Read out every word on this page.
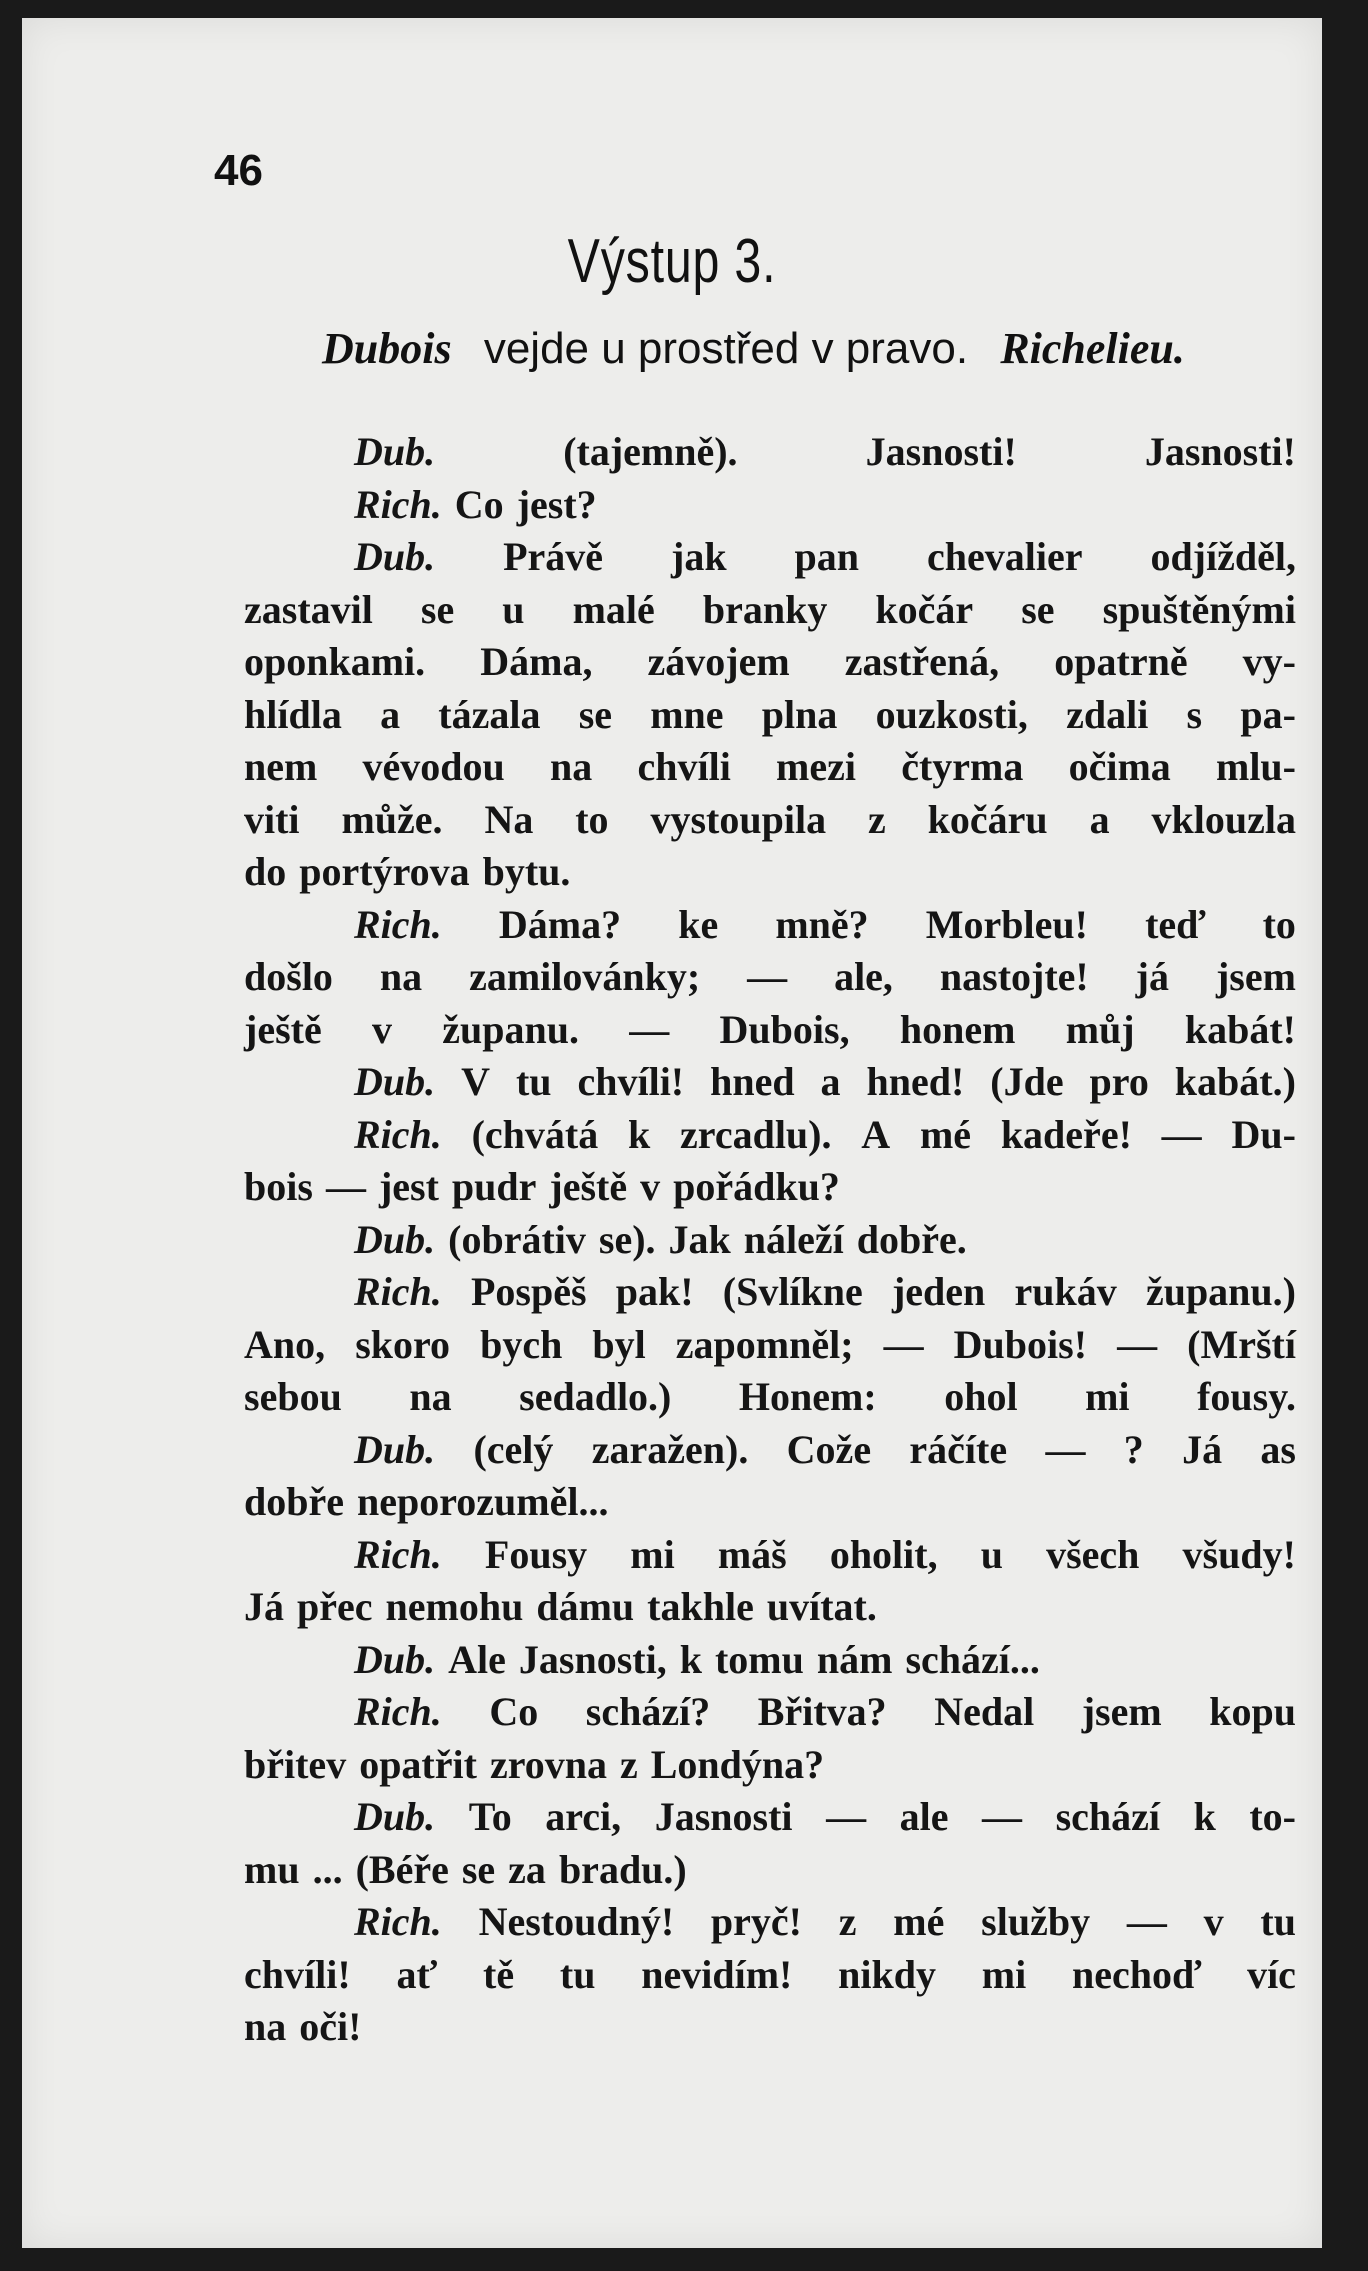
46
Výstup 3.
Dubois vejde u prostřed v pravo. Richelieu.
Dub.	(tajemně).	Jasnosti!	Jasnosti!
Rich. Co jest?
Dub. Právě jak pan chevalier odjížděl,
zastavil se u malé branky kočár se spuštěnými
oponkami. Dáma, závojem zastřená, opatrně vy-
hlídla a tázala se mne plna ouzkosti, zdali s pa-
nem vévodou na chvíli mezi čtyrma očima mlu-
viti může. Na to vystoupila z kočáru a vklouzla
do portýrova bytu.
Rich. Dáma? ke mně? Morbleu! teď to
došlo na zamilovánky; — ale, nastojte! já jsem
ještě v županu. — Dubois, honem můj kabát!
Dub. V tu chvíli! hned a hned! (Jde pro kabát.)
Rich. (chvátá k zrcadlu). A mé kadeře! — Du-
bois — jest pudr ještě v pořádku?
Dub. (obrátiv se). Jak náleží dobře.
Rich. Pospěš pak! (Svlíkne jeden rukáv županu.)
Ano, skoro bych byl zapomněl; — Dubois! — (Mrští
sebou na sedadlo.) Honem: ohol mi fousy.
Dub. (celý zaražen). Cože ráčíte — ? Já as
dobře neporozuměl...
Rich. Fousy mi máš oholit, u všech všudy!
Já přec nemohu dámu takhle uvítat.
Dub. Ale Jasnosti, k tomu nám schází...
Rich. Co schází? Břitva? Nedal jsem kopu
břitev opatřit zrovna z Londýna?
Dub. To arci, Jasnosti — ale — schází k to-
mu ... (Béře se za bradu.)
Rich. Nestoudný! pryč! z mé služby — v tu
chvíli! ať tě tu nevidím! nikdy mi nechoď víc
na oči!
